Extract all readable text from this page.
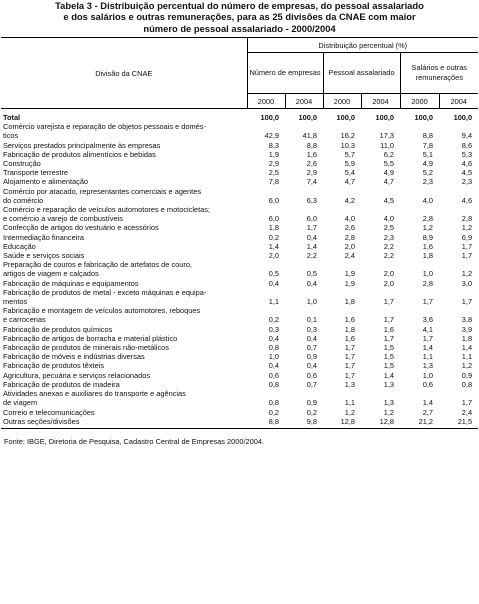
Tabela 3 - Distribuição percentual do número de empresas, do pessoal assalariado
e dos salários e outras remunerações, para as 25 divisões da CNAE com maior
número de pessoal assalariado - 2000/2004
Divisão da CNAE	Distribuição percentual (%)					
	Número de empresas		Pessoal assalariado		Salários e outras remunerações	
	2000	2004	2000	2004	2000	2004
Total	100,0	100,0	100,0	100,0	100,0	100,0
Comércio varejista e reparação de objetos pessoais e domés-
ticos	42,9	41,8	16,2	17,3	8,8	9,4
Serviços prestados principalmente às empresas	8,3	8,8	10,3	11,0	7,8	8,6
Fabricação de produtos alimentícios e bebidas	1,9	1,6	5,7	6,2	5,1	5,3
Construção	2,9	2,6	5,9	5,5	4,9	4,6
Transporte terrestre	2,5	2,9	5,4	4,9	5,2	4,5
Alojamento e alimentação	7,8	7,4	4,7	4,7	2,3	2,3
Comércio por atacado, representantes comerciais e agentes
do comércio	6,0	6,3	4,2	4,5	4,0	4,6
Comércio e reparação de veículos automotores e motocicletas;
e comércio a varejo de combustíveis	6,0	6,0	4,0	4,0	2,8	2,8
Confecção de artigos do vestuário e acessórios	1,8	1,7	2,6	2,5	1,2	1,2
Intermediação financeira	0,2	0,4	2,8	2,3	8,9	6,9
Educação	1,4	1,4	2,0	2,2	1,6	1,7
Saúde e serviços sociais	2,0	2,2	2,4	2,2	1,8	1,7
Preparação de couros e fabricação de artefatos de couro,
artigos de viagem e calçados	0,5	0,5	1,9	2,0	1,0	1,2
Fabricação de máquinas e equipamentos	0,4	0,4	1,9	2,0	2,8	3,0
Fabricação de produtos de metal - exceto máquinas e equipa-
mentos	1,1	1,0	1,8	1,7	1,7	1,7
Fabricação e montagem de veículos automotores, reboques
e carrocerias	0,2	0,1	1,6	1,7	3,6	3,8
Fabricação de produtos químicos	0,3	0,3	1,8	1,6	4,1	3,9
Fabricação de artigos de borracha e material plástico	0,4	0,4	1,6	1,7	1,7	1,8
Fabricação de produtos de minerais não-metálicos	0,8	0,7	1,7	1,5	1,4	1,4
Fabricação de móveis e indústrias diversas	1,0	0,9	1,7	1,5	1,1	1,1
Fabricação de produtos têxteis	0,4	0,4	1,7	1,5	1,3	1,2
Agricultura, pecuária e serviços relacionados	0,6	0,6	1,7	1,4	1,0	0,9
Fabricação de produtos de madeira	0,8	0,7	1,3	1,3	0,6	0,8
Atividades anexas e auxiliares do transporte e agências
de viagem	0,8	0,9	1,1	1,3	1,4	1,7
Correio e telecomunicações	0,2	0,2	1,2	1,2	2,7	2,4
Outras seções/divisões	8,8	9,8	12,8	12,8	21,2	21,5
Fonte: IBGE, Diretoria de Pesquisa, Cadastro Central de Empresas 2000/2004.
